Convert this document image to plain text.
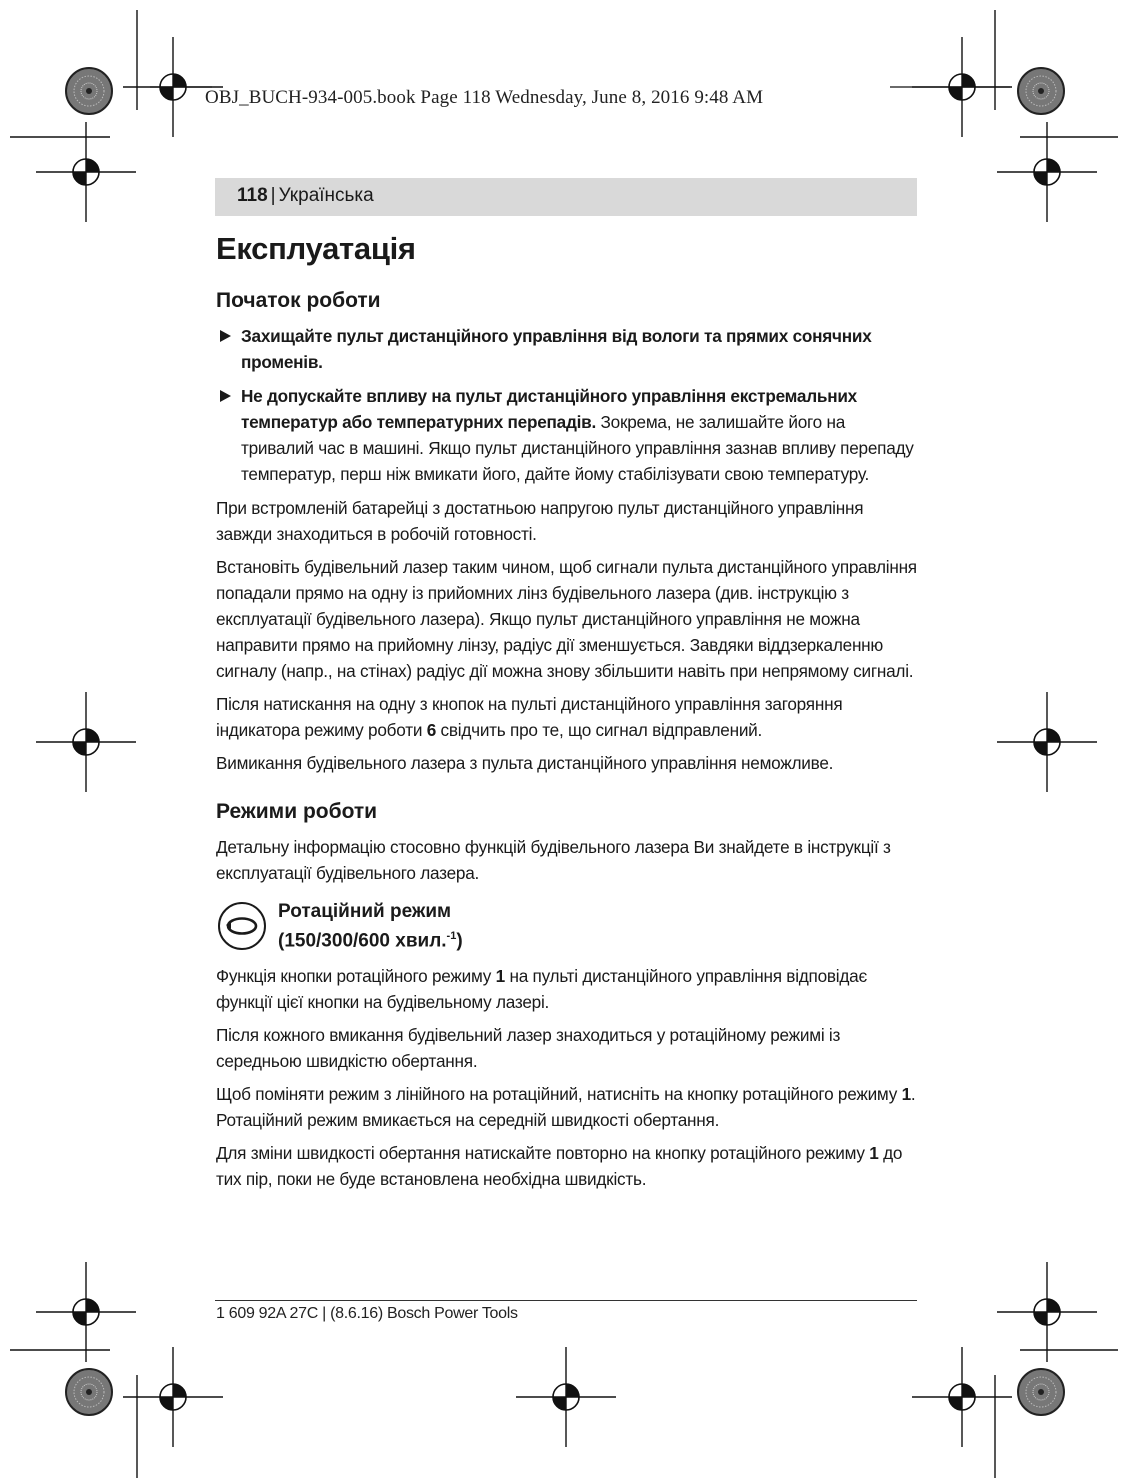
OBJ_BUCH-934-005.book Page 118 Wednesday, June 8, 2016 9:48 AM
118 | Українська
Експлуатація
Початок роботи

Захищайте пульт дистанційного управління від вологи та прямих сонячних променів.

Не допускайте впливу на пульт дистанційного управління екстремальних температур або температурних перепадів. Зокрема, не залишайте його на тривалий час в машині. Якщо пульт дистанційного управління зазнав впливу перепаду температур, перш ніж вмикати його, дайте йому стабілізувати свою температуру.

При встромленій батарейці з достатньою напругою пульт дистанційного управління завжди знаходиться в робочій готовності.

Встановіть будівельний лазер таким чином, щоб сигнали пульта дистанційного управління попадали прямо на одну із прийомних лінз будівельного лазера (див. інструкцію з експлуатації будівельного лазера). Якщо пульт дистанційного управління не можна направити прямо на прийомну лінзу, радіус дії зменшується. Завдяки віддзеркаленню сигналу (напр., на стінах) радіус дії можна знову збільшити навіть при непрямому сигналі.

Після натискання на одну з кнопок на пульті дистанційного управління загоряння індикатора режиму роботи 6 свідчить про те, що сигнал відправлений.

Вимикання будівельного лазера з пульта дистанційного управління неможливе.

Режими роботи

Детальну інформацію стосовно функцій будівельного лазера Ви знайдете в інструкції з експлуатації будівельного лазера.

Ротаційний режим
(150/300/600 хвил.$^{-1}$)

Функція кнопки ротаційного режиму 1 на пульті дистанційного управління відповідає функції цієї кнопки на будівельному лазері.

Після кожного вмикання будівельний лазер знаходиться у ротаційному режимі із середньою швидкістю обертання.

Щоб поміняти режим з лінійного на ротаційний, натисніть на кнопку ротаційного режиму 1. Ротаційний режим вмикається на середній швидкості обертання.

Для зміни швидкості обертання натискайте повторно на кнопку ротаційного режиму 1 до тих пір, поки не буде встановлена необхідна швидкість.

1 609 92A 27C | (8.6.16) Bosch Power Tools
